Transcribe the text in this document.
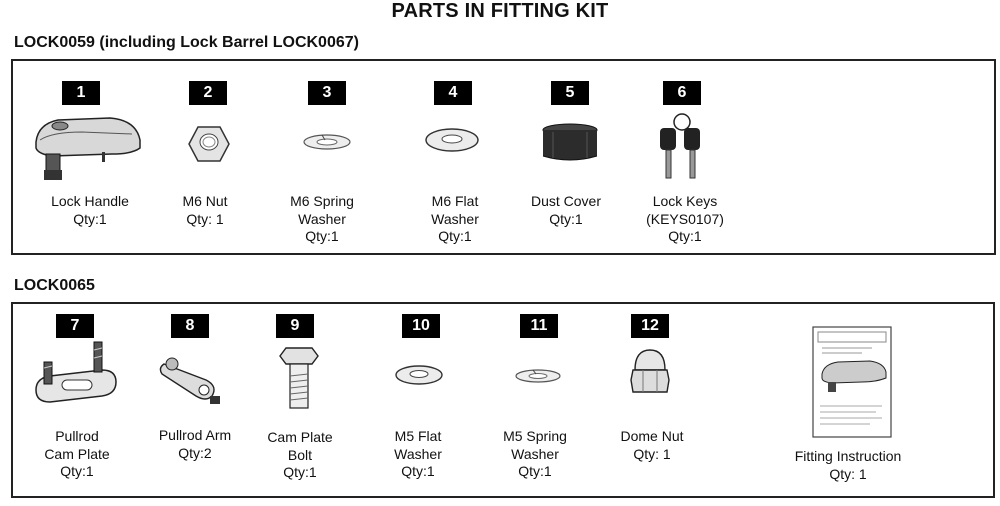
PARTS IN FITTING KIT
LOCK0059 (including Lock Barrel LOCK0067)
LOCK0065
1	2	3	4	5	6
Lock Handle
Qty:1
M6 Nut
Qty: 1
M6 Spring
Washer
Qty:1
M6 Flat
Washer
Qty:1
Dust Cover
Qty:1
Lock Keys
(KEYS0107)
Qty:1
7	8	9	10	11	12
Pullrod
Cam Plate
Qty:1
Pullrod Arm
Qty:2
Cam Plate
Bolt
Qty:1
M5 Flat
Washer
Qty:1
M5 Spring
Washer
Qty:1
Dome Nut
Qty: 1	Fitting Instruction
Qty: 1
